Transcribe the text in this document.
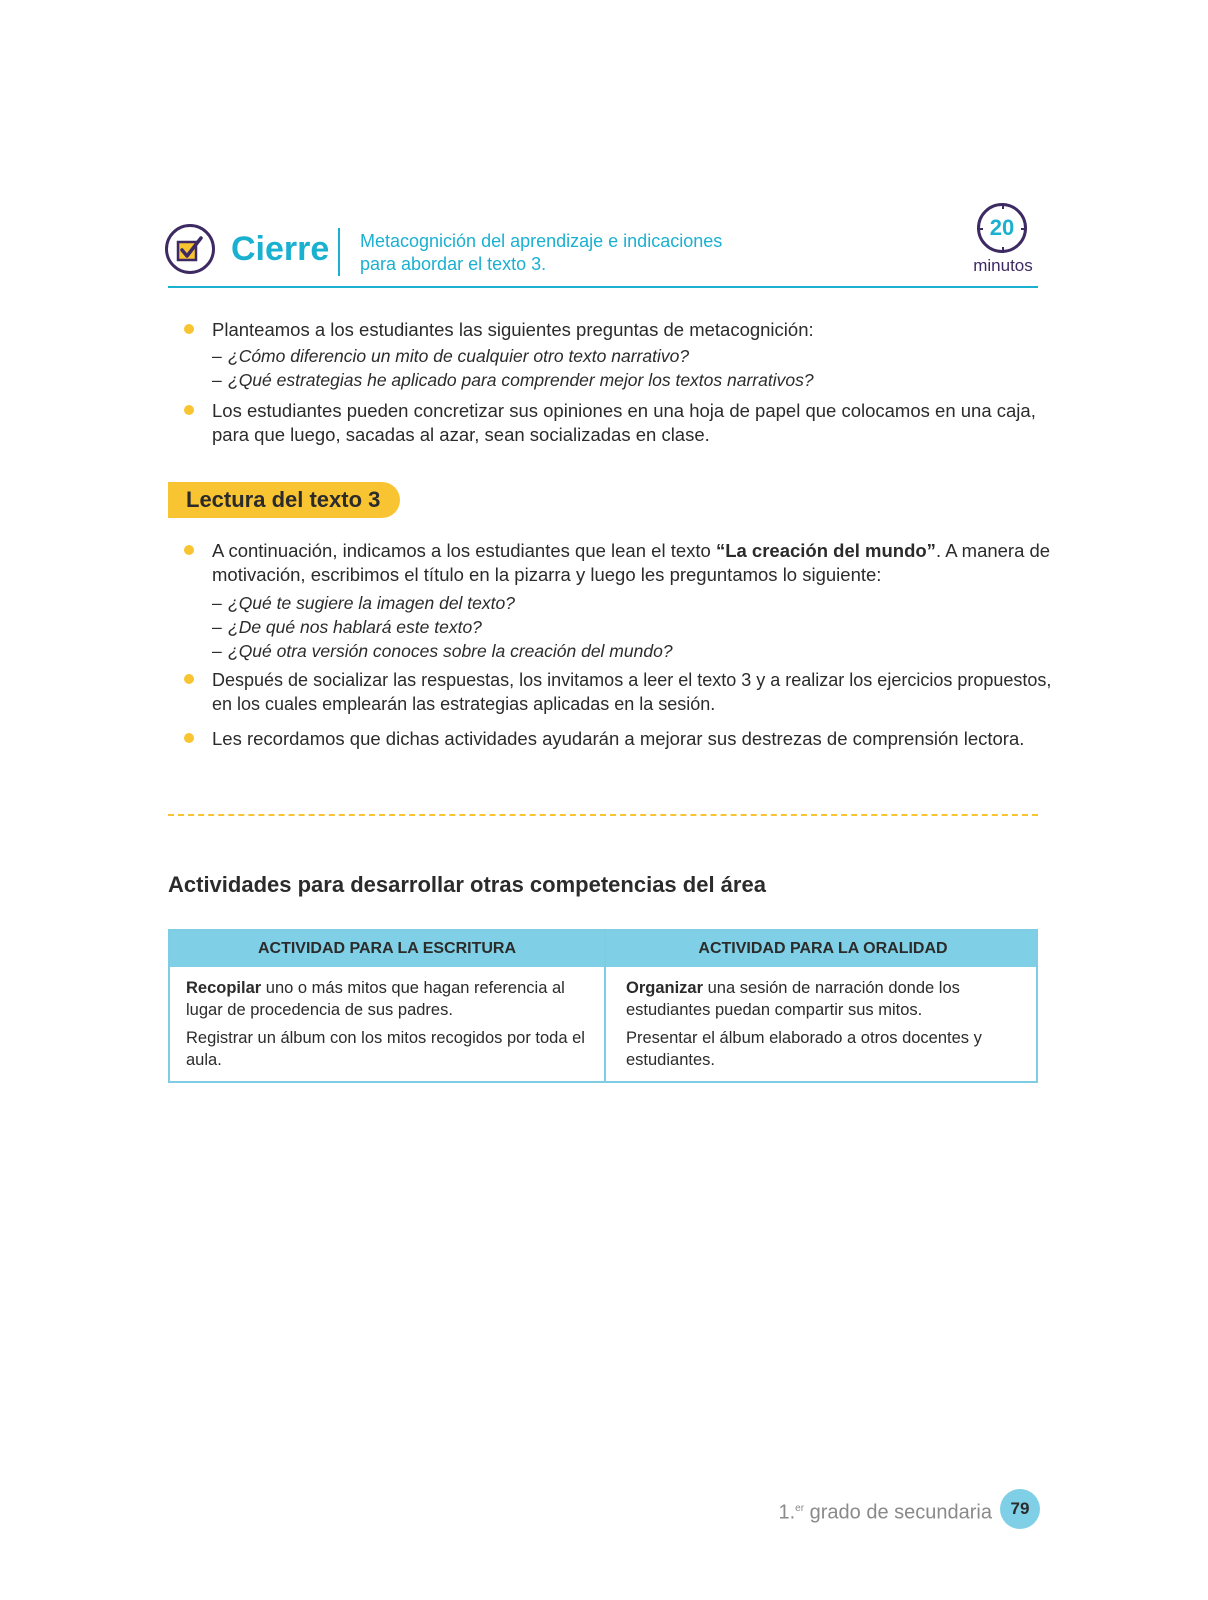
Cierre Metacognición del aprendizaje e indicaciones
para abordar el texto 3.
20
minutos
Planteamos a los estudiantes las siguientes preguntas de metacognición:
– ¿Cómo diferencio un mito de cualquier otro texto narrativo?
– ¿Qué estrategias he aplicado para comprender mejor los textos narrativos?
Los estudiantes pueden concretizar sus opiniones en una hoja de papel que colocamos en una caja,
para que luego, sacadas al azar, sean socializadas en clase.
Lectura del texto 3
A continuación, indicamos a los estudiantes que lean el texto “La creación del mundo”. A manera de
motivación, escribimos el título en la pizarra y luego les preguntamos lo siguiente:
– ¿Qué te sugiere la imagen del texto?
– ¿De qué nos hablará este texto?
– ¿Qué otra versión conoces sobre la creación del mundo?
Después de socializar las respuestas, los invitamos a leer el texto 3 y a realizar los ejercicios propuestos,
en los cuales emplearán las estrategias aplicadas en la sesión.
Les recordamos que dichas actividades ayudarán a mejorar sus destrezas de comprensión lectora.
Actividades para desarrollar otras competencias del área
ACTIVIDAD PARA LA ESCRITURA	ACTIVIDAD PARA LA ORALIDAD

Recopilar uno o más mitos que hagan referencia al lugar de procedencia de sus padres.

Registrar un álbum con los mitos recogidos por toda el aula.

Organizar una sesión de narración donde los estudiantes puedan compartir sus mitos.

Presentar el álbum elaborado a otros docentes y estudiantes.

1.$^{er}$ grado de secundaria	79
